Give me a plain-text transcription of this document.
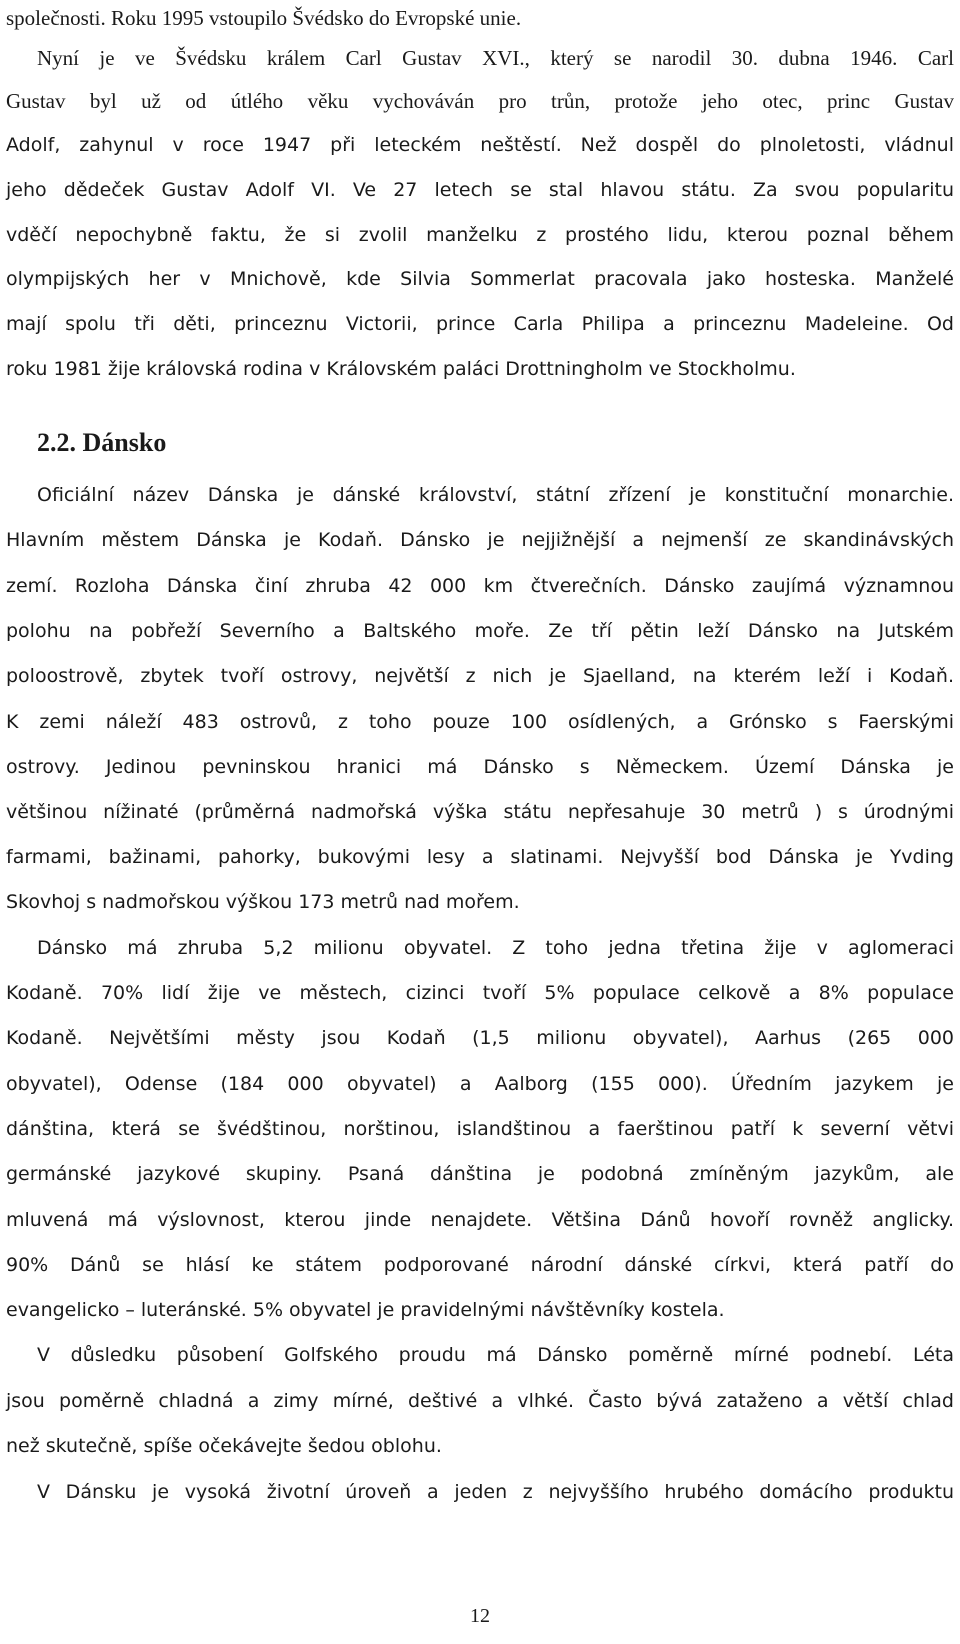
společnosti. Roku 1995 vstoupilo Švédsko do Evropské unie.
Nyní je ve Švédsku králem Carl Gustav XVI., který se narodil 30. dubna 1946. Carl
Gustav byl už od útlého věku vychováván pro trůn, protože jeho otec, princ Gustav
Adolf, zahynul v roce 1947 při leteckém neštěstí. Než dospěl do plnoletosti, vládnul
jeho dědeček Gustav Adolf VI. Ve 27 letech se stal hlavou státu. Za svou popularitu
vděčí nepochybně faktu, že si zvolil manželku z prostého lidu, kterou poznal během
olympijských her v Mnichově, kde Silvia Sommerlat pracovala jako hosteska. Manželé
mají spolu tři děti, princeznu Victorii, prince Carla Philipa a princeznu Madeleine. Od
roku 1981 žije královská rodina v Královském paláci Drottningholm ve Stockholmu.
2.2. Dánsko
Oficiální název Dánska je dánské království, státní zřízení je konstituční monarchie.
Hlavním městem Dánska je Kodaň. Dánsko je nejjižnější a nejmenší ze skandinávských
zemí. Rozloha Dánska činí zhruba 42 000 km čtverečních. Dánsko zaujímá významnou
polohu na pobřeží Severního a Baltského moře. Ze tří pětin leží Dánsko na Jutském
poloostrově, zbytek tvoří ostrovy, největší z nich je Sjaelland, na kterém leží i Kodaň.
K zemi náleží 483 ostrovů, z toho pouze 100 osídlených, a Grónsko s Faerskými
ostrovy. Jedinou pevninskou hranici má Dánsko s Německem. Území Dánska je
většinou nížinaté (průměrná nadmořská výška státu nepřesahuje 30 metrů ) s úrodnými
farmami, bažinami, pahorky, bukovými lesy a slatinami. Nejvyšší bod Dánska je Yvding
Skovhoj s nadmořskou výškou 173 metrů nad mořem.
Dánsko má zhruba 5,2 milionu obyvatel. Z toho jedna třetina žije v aglomeraci
Kodaně. 70% lidí žije ve městech, cizinci tvoří 5% populace celkově a 8% populace
Kodaně. Největšími městy jsou Kodaň (1,5 milionu obyvatel), Aarhus (265 000
obyvatel), Odense (184 000 obyvatel) a Aalborg (155 000). Úředním jazykem je
dánština, která se švédštinou, norštinou, islandštinou a faerštinou patří k severní větvi
germánské jazykové skupiny. Psaná dánština je podobná zmíněným jazykům, ale
mluvená má výslovnost, kterou jinde nenajdete. Většina Dánů hovoří rovněž anglicky.
90% Dánů se hlásí ke státem podporované národní dánské církvi, která patří do
evangelicko – luteránské. 5% obyvatel je pravidelnými návštěvníky kostela.
V důsledku působení Golfského proudu má Dánsko poměrně mírné podnebí. Léta
jsou poměrně chladná a zimy mírné, deštivé a vlhké. Často bývá zataženo a větší chlad
než skutečně, spíše očekávejte šedou oblohu.
V Dánsku je vysoká životní úroveň a jeden z nejvyššího hrubého domácího produktu
12
